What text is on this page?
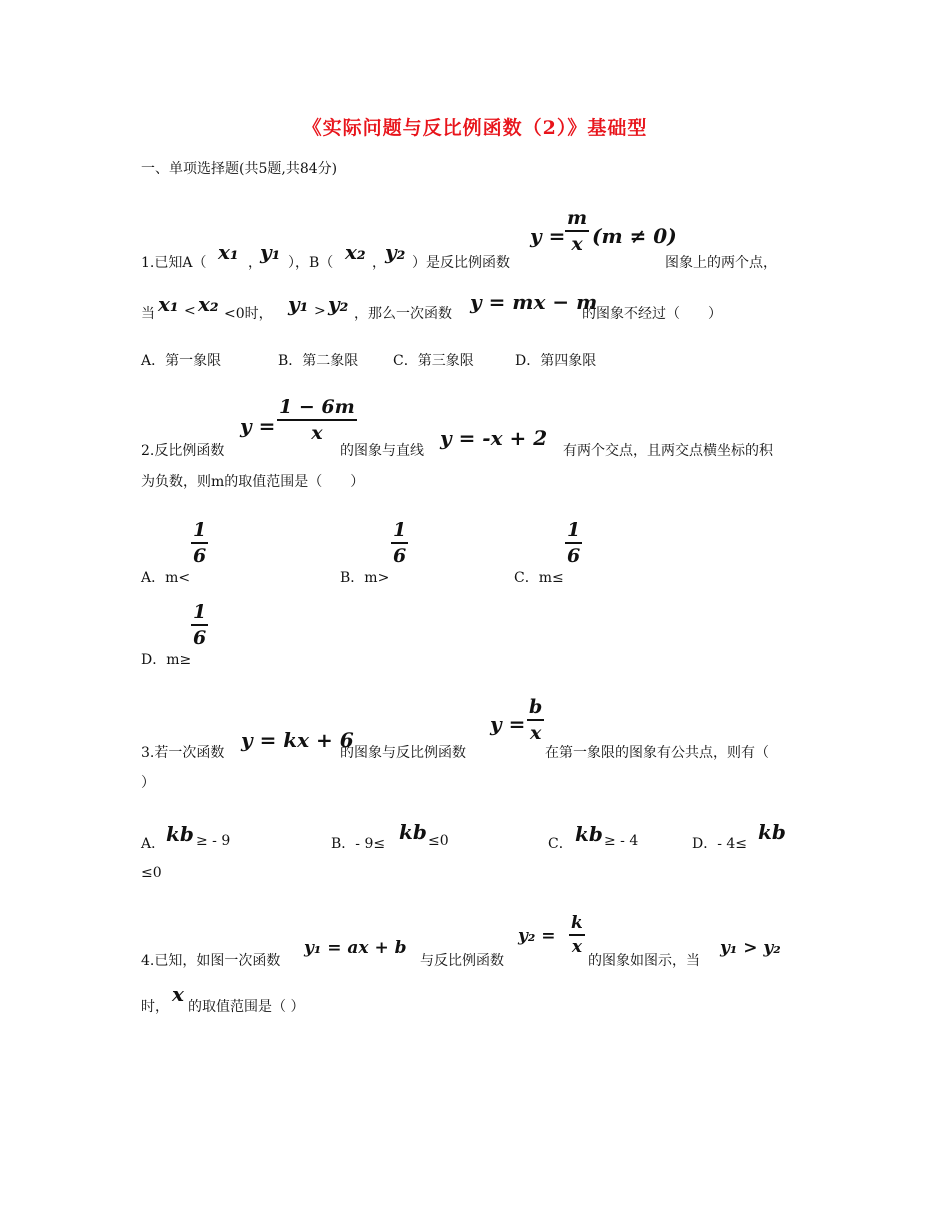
《实际问题与反比例函数（2）》基础型
一、单项选择题(共5题,共84分)
1.已知A（ x₁ ，
y₁ ），B（ x₂ ， y₂ ）是反比例函数
y =
m
x (m ≠ 0)
图象上的两个点，
当 x₁ < x₂ <0时， y₁ > y₂ ，那么一次函数 y = mx − m
的图象不经过（　　）
A．第一象限	B．第二象限 C．第三象限	D．第四象限
2.反比例函数
y =
1 − 6m
x
的图象与直线
y = -x + 2
有两个交点，且两交点横坐标的积
为负数，则m的取值范围是（　　）
A．m<
1
6
B．m>
1
6
C．m≤
1
6
D．m≥
1
6
3.若一次函数
y = kx + 6
的图象与反比例函数
y =
b
x
在第一象限的图象有公共点，则有（
）
A． kb ≥ - 9	B．- 9≤ kb ≤0	C． kb ≥ - 4	D．- 4≤ kb
≤0
4.已知，如图一次函数
y₁ = ax + b
与反比例函数
y₂ =
k
x
的图象如图示，当
y₁ > y₂
时，
x
的取值范围是（ ）
